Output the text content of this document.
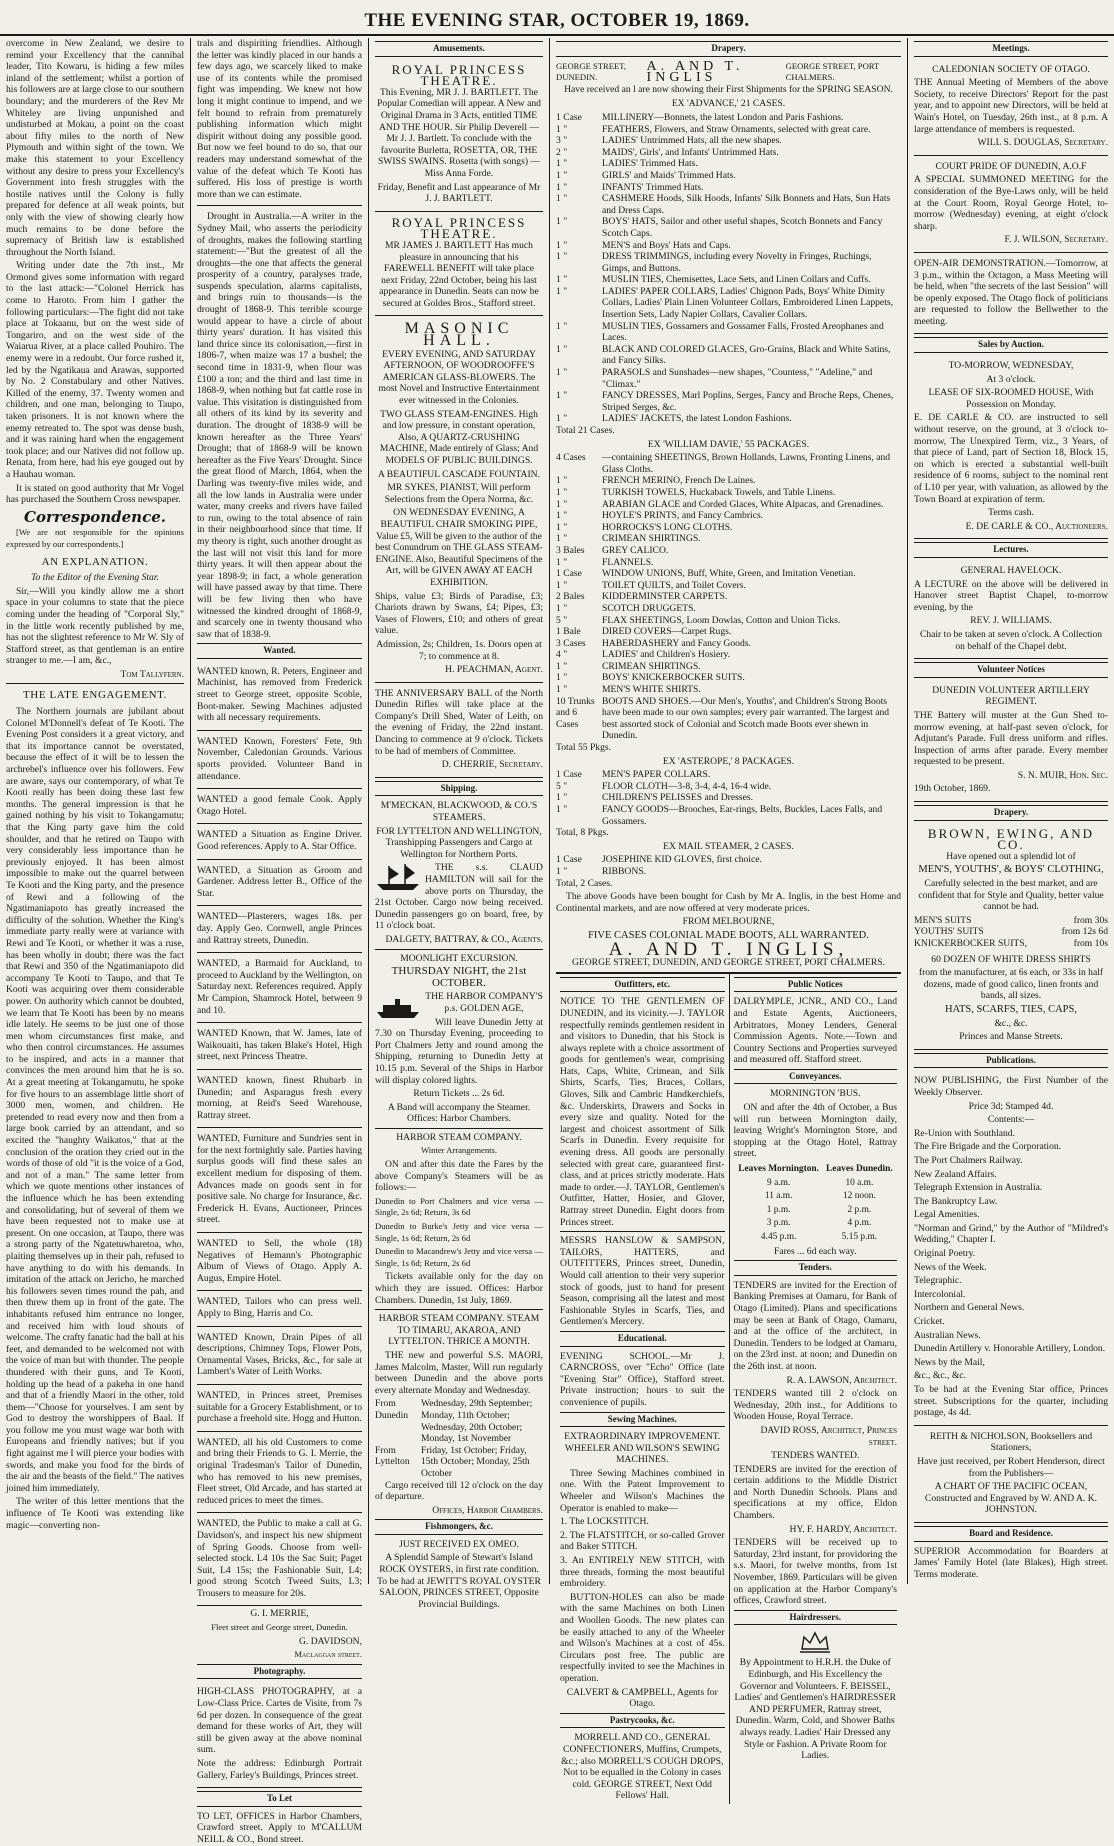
THE EVENING STAR, OCTOBER 19, 1869.

overcome in New Zealand, we desire to remind your Excellency that the cannibal leader, Tito Kowaru, is hiding a few miles inland of the settlement; whilst a portion of his followers are at large close to our southern boundary; and the murderers of the Rev Mr Whiteley are living unpunished and undisturbed at Mokau, a point on the coast about fifty miles to the north of New Plymouth and within sight of the town. We make this statement to your Excellency without any desire to press your Excellency's Government into fresh struggles with the hostile natives until the Colony is fully prepared for defence at all weak points, but only with the view of showing clearly how much remains to be done before the supremacy of British law is established throughout the North Island.

Writing under date the 7th inst., Mr Ormond gives some information with regard to the last attack:—"Colonel Herrick has come to Haroto. From him I gather the following particulars:—The fight did not take place at Tokaanu, but on the west side of Tongariro, and on the west side of the Waiarua River, at a place called Pouhiro. The enemy were in a redoubt. Our force rushed it, led by the Ngatikaua and Arawas, supported by No. 2 Constabulary and other Natives. Killed of the enemy, 37. Twenty women and children, and one man, belonging to Taupo, taken prisoners. It is not known where the enemy retreated to. The spot was dense bush, and it was raining hard when the engagement took place; and our Natives did not follow up. Renata, from here, had his eye gouged out by a Hauhau woman.

It is stated on good authority that Mr Vogel has purchased the Southern Cross newspaper.

Correspondence.

[We are not responsible for the opinions expressed by our correspondents.]

AN EXPLANATION.

To the Editor of the Evening Star.

Sir,—Will you kindly allow me a short space in your columns to state that the piece coming under the heading of "Corporal Sly," in the little work recently published by me, has not the slightest reference to Mr W. Sly of Stafford street, as that gentleman is an entire stranger to me.—I am, &c.,

Tom Tallyfern.

THE LATE ENGAGEMENT.

The Northern journals are jubilant about Colonel M'Donnell's defeat of Te Kooti. The Evening Post considers it a great victory, and that its importance cannot be overstated, because the effect of it will be to lessen the archrebel's influence over his followers. Few are aware, says our contemporary, of what Te Kooti really has been doing these last few months. The general impression is that he gained nothing by his visit to Tokangamutu; that the King party gave him the cold shoulder, and that he retired on Taupo with very considerably less importance than he previously enjoyed. It has been almost impossible to make out the quarrel between Te Kooti and the King party, and the presence of Rewi and a following of the Ngatimaniapoto has greatly increased the difficulty of the solution. Whether the King's immediate party really were at variance with Rewi and Te Kooti, or whether it was a ruse, has been wholly in doubt; there was the fact that Rewi and 350 of the Ngatimaniapoto did accompany Te Kooti to Taupo, and that Te Kooti was acquiring over them considerable power. On authority which cannot be doubted, we learn that Te Kooti has been by no means idle lately. He seems to be just one of those men whom circumstances first make, and who then control circumstances. He assumes to be inspired, and acts in a manner that convinces the men around him that he is so. At a great meeting at Tokangamutu, he spoke for five hours to an assemblage little short of 3000 men, women, and children. He pretended to read every now and then from a large book carried by an attendant, and so excited the "haughty Waikatos," that at the conclusion of the oration they cried out in the words of those of old "it is the voice of a God, and not of a man." The same letter from which we quote mentions other instances of the influence which he has been extending and consolidating, but of several of them we have been requested not to make use at present. On one occasion, at Taupo, there was a strong party of the Ngatetuwharetoa, who, plaiting themselves up in their pah, refused to have anything to do with his demands. In imitation of the attack on Jericho, he marched his followers seven times round the pah, and then threw them up in front of the gate. The inhabitants refused him entrance no longer, and received him with loud shouts of welcome. The crafty fanatic had the ball at his feet, and demanded to be welcomed not with the voice of man but with thunder. The people thundered with their guns, and Te Kooti, holding up the head of a pakeha in one hand and that of a friendly Maori in the other, told them—"Choose for yourselves. I am sent by God to destroy the worshippers of Baal. If you follow me you must wage war both with Europeans and friendly natives; but if you fight against me I will pierce your bodies with swords, and make you food for the birds of the air and the beasts of the field." The natives joined him immediately.

The writer of this letter mentions that the influence of Te Kooti was extending like magic—converting non-

trals and dispiriting friendlies. Although the letter was kindly placed in our hands a few days ago, we scarcely liked to make use of its contents while the promised fight was impending. We knew not how long it might continue to impend, and we felt bound to refrain from prematurely publishing information which might dispirit without doing any possible good. But now we feel bound to do so, that our readers may understand somewhat of the value of the defeat which Te Kooti has suffered. His loss of prestige is worth more than we can estimate.

Drought in Australia.—A writer in the Sydney Mail, who asserts the periodicity of droughts, makes the following startling statement:—"But the greatest of all the droughts—the one that affects the general prosperity of a country, paralyses trade, suspends speculation, alarms capitalists, and brings ruin to thousands—is the drought of 1868-9. This terrible scourge would appear to have a circle of about thirty years' duration. It has visited this land thrice since its colonisation,—first in 1806-7, when maize was 17 a bushel; the second time in 1831-9, when flour was £100 a ton; and the third and last time in 1868-9, when nothing but fat cattle rose in value. This visitation is distinguished from all others of its kind by its severity and duration. The drought of 1838-9 will be known hereafter as the Three Years' Drought; that of 1868-9 will be known hereafter as the Five Years' Drought. Since the great flood of March, 1864, when the Darling was twenty-five miles wide, and all the low lands in Australia were under water, many creeks and rivers have failed to run, owing to the total absence of rain in their neighbourhood since that time. If my theory is right, such another drought as the last will not visit this land for more thirty years. It will then appear about the year 1898-9; in fact, a whole generation will have passed away by that time. There will be few living then who have witnessed the kindred drought of 1868-9, and scarcely one in twenty thousand who saw that of 1838-9.

Wanted.

WANTED known, R. Peters, Engineer and Machinist, has removed from Frederick street to George street, opposite Scoble, Boot-maker. Sewing Machines adjusted with all necessary requirements.

WANTED Known, Foresters' Fete, 9th November, Caledonian Grounds. Various sports provided. Volunteer Band in attendance.

WANTED a good female Cook. Apply Otago Hotel.

WANTED a Situation as Engine Driver. Good references. Apply to A. Star Office.

WANTED, a Situation as Groom and Gardener. Address letter B., Office of the Star.

WANTED—Plasterers, wages 18s. per day. Apply Geo. Cornwell, angle Princes and Rattray streets, Dunedin.

WANTED, a Barmaid for Auckland, to proceed to Auckland by the Wellington, on Saturday next. References required. Apply Mr Campion, Shamrock Hotel, between 9 and 10.

WANTED Known, that W. James, late of Waikouaiti, has taken Blake's Hotel, High street, next Princess Theatre.

WANTED known, finest Rhubarb in Dunedin; and Asparagus fresh every morning, at Reid's Seed Warehouse, Rattray street.

WANTED, Furniture and Sundries sent in for the next fortnightly sale. Parties having surplus goods will find these sales an excellent medium for disposing of them. Advances made on goods sent in for positive sale. No charge for Insurance, &c. Frederick H. Evans, Auctioneer, Princes street.

WANTED to Sell, the whole (18) Negatives of Hemann's Photographic Album of Views of Otago. Apply A. Augus, Empire Hotel.

WANTED, Tailors who can press well. Apply to Bing, Harris and Co.

WANTED Known, Drain Pipes of all descriptions, Chimney Tops, Flower Pots, Ornamental Vases, Bricks, &c., for sale at Lambert's Water of Leith Works.

WANTED, in Princes street, Premises suitable for a Grocery Establishment, or to purchase a freehold site. Hogg and Hutton.

WANTED, all his old Customers to come and bring their Friends to G. I. Merrie, the original Tradesman's Tailor of Dunedin, who has removed to his new premises, Fleet street, Old Arcade, and has started at reduced prices to meet the times.

WANTED, the Public to make a call at G. Davidson's, and inspect his new shipment of Spring Goods. Choose from well-selected stock. L4 10s the Sac Suit; Paget Suit, L4 15s; the Fashionable Suit, L4; good strong Scotch Tweed Suits, L3; Trousers to measure for 20s.

G. I. MERRIE,

Fleet street and George street, Dunedin.

G. DAVIDSON,

Maclaggan street.

Photography.

HIGH-CLASS PHOTOGRAPHY, at a Low-Class Price. Cartes de Visite, from 7s 6d per dozen. In consequence of the great demand for these works of Art, they will still be given away at the above nominal sum.

Note the address: Edinburgh Portrait Gallery, Farley's Buildings, Princes street.

To Let

TO LET, OFFICES in Harbor Chambers, Crawford street. Apply to M'CALLUM NEILL & CO., Bond street.

Amusements.
ROYAL PRINCESS THEATRE.

This Evening, MR J. J. BARTLETT. The Popular Comedian will appear. A New and Original Drama in 3 Acts, entitled TIME AND THE HOUR. Sir Philip Deverell — Mr J. J. Bartlett. To conclude with the favourite Burletta, ROSETTA, OR, THE SWISS SWAINS. Rosetta (with songs) — Miss Anna Forde.

Friday, Benefit and Last appearance of Mr J. J. BARTLETT.

ROYAL PRINCESS THEATRE.

MR JAMES J. BARTLETT Has much pleasure in announcing that his FAREWELL BENEFIT will take place next Friday, 22nd October, being his last appearance in Dunedin. Seats can now be secured at Goldes Bros., Stafford street.

MASONIC HALL.

EVERY EVENING, AND SATURDAY AFTERNOON, OF WOODROOFFE'S AMERICAN GLASS-BLOWERS. The most Novel and Instructive Entertainment ever witnessed in the Colonies.

TWO GLASS STEAM-ENGINES. High and low pressure, in constant operation, Also, A QUARTZ-CRUSHING MACHINE, Made entirely of Glass; And MODELS OF PUBLIC BUILDINGS.

A BEAUTIFUL CASCADE FOUNTAIN.

MR SYKES, PIANIST, Will perform Selections from the Opera Norma, &c.

ON WEDNESDAY EVENING, A BEAUTIFUL CHAIR SMOKING PIPE, Value £5, Will be given to the author of the best Conundrum on THE GLASS STEAM-ENGINE. Also, Beautiful Specimens of the Art, will be GIVEN AWAY AT EACH EXHIBITION.

Ships, value £3; Birds of Paradise, £3; Chariots drawn by Swans, £4; Pipes, £3; Vases of Flowers, £10; and others of great value.

Admission, 2s; Children, 1s. Doors open at 7; to commence at 8.

H. PEACHMAN, Agent.

THE ANNIVERSARY BALL of the North Dunedin Rifles will take place at the Company's Drill Shed, Water of Leith, on the evening of Friday, the 22nd instant. Dancing to commence at 9 o'clock. Tickets to be had of members of Committee.

D. CHERRIE, Secretary.

Shipping.

M'MECKAN, BLACKWOOD, & CO.'S STEAMERS.

FOR LYTTELTON AND WELLINGTON, Transhipping Passengers and Cargo at Wellington for Northern Ports.

THE s.s. CLAUD HAMILTON will sail for the above ports on Thursday, the 21st October. Cargo now being received. Dunedin passengers go on board, free, by 11 o'clock boat.

DALGETY, BATTRAY, & CO., Agents.

MOONLIGHT EXCURSION.

THURSDAY NIGHT, the 21st OCTOBER.

THE HARBOR COMPANY'S p.s. GOLDEN AGE,

Will leave Dunedin Jetty at 7.30 on Thursday Evening, proceeding to Port Chalmers Jetty and round among the Shipping, returning to Dunedin Jetty at 10.15 p.m. Several of the Ships in Harbor will display colored lights.

Return Tickets ... 2s 6d.

A Band will accompany the Steamer. Offices: Harbor Chambers.

HARBOR STEAM COMPANY.

Winter Arrangements.

ON and after this date the Fares by the above Company's Steamers will be as follows:—

Dunedin to Port Chalmers and vice versa — Single, 2s 6d; Return, 3s 6d

Dunedin to Burke's Jetty and vice versa — Single, 1s 6d; Return, 2s 6d

Dunedin to Macandrew's Jetty and vice versa — Single, 1s 6d; Return, 2s 6d

Tickets available only for the day on which they are issued. Offices: Harbor Chambers. Dunedin, 1st July, 1869.

HARBOR STEAM COMPANY. STEAM TO TIMARU, AKAROA, AND LYTTELTON. THRICE A MONTH.

THE new and powerful S.S. MAORI, James Malcolm, Master, Will run regularly between Dunedin and the above ports every alternate Monday and Wednesday.

From Dunedin
Wednesday, 29th September; Monday, 11th October; Wednesday, 20th October; Monday, 1st November
From Lyttelton
Friday, 1st October; Friday, 15th October; Monday, 25th October

Cargo received till 12 o'clock on the day of departure.

Offices, Harbor Chambers.

Fishmongers, &c.

JUST RECEIVED EX OMEO.

A Splendid Sample of Stewart's Island ROCK OYSTERS, in first rate condition. To be had at JEWITT'S ROYAL OYSTER SALOON, PRINCES STREET, Opposite Provincial Buildings.

Drapery.
GEORGE STREET, DUNEDIN.
A. AND T. INGLIS
GEORGE STREET, PORT CHALMERS.

Have received an l are now showing their First Shipments for the SPRING SEASON.

EX 'ADVANCE,' 21 CASES.

1 Case	MILLINERY—Bonnets, the latest London and Paris Fashions.
1 "	FEATHERS, Flowers, and Straw Ornaments, selected with great care.
3 "	LADIES' Untrimmed Hats, all the new shapes.
2 "	MAIDS', Girls', and Infants' Untrimmed Hats.
1 "	LADIES' Trimmed Hats.
1 "	GIRLS' and Maids' Trimmed Hats.
1 "	INFANTS' Trimmed Hats.
1 "	CASHMERE Hoods, Silk Hoods, Infants' Silk Bonnets and Hats, Sun Hats and Dress Caps.
1 "	BOYS' HATS, Sailor and other useful shapes, Scotch Bonnets and Fancy Scotch Caps.
1 "	MEN'S and Boys' Hats and Caps.
1 "	DRESS TRIMMINGS, including every Novelty in Fringes, Ruchings, Gimps, and Buttons.
1 "	MUSLIN TIES, Chemisettes, Lace Sets, and Linen Collars and Cuffs.
1 "	LADIES' PAPER COLLARS, Ladies' Chignon Pads, Boys' White Dimity Collars, Ladies' Plain Linen Volunteer Collars, Embroidered Linen Lappets, Insertion Sets, Lady Napier Collars, Cavalier Collars.
1 "	MUSLIN TIES, Gossamers and Gossamer Falls, Frosted Areophanes and Laces.
1 "	BLACK AND COLORED GLACES, Gro-Grains, Black and White Satins, and Fancy Silks.
1 "	PARASOLS and Sunshades—new shapes, "Countess," "Adeline," and "Climax."
1 "	FANCY DRESSES, Marl Poplins, Serges, Fancy and Broche Reps, Chenes, Striped Serges, &c.
1 "	LADIES' JACKETS, the latest London Fashions.

Total 21 Cases.

EX 'WILLIAM DAVIE,' 55 PACKAGES.

4 Cases	—containing SHEETINGS, Brown Hollands, Lawns, Fronting Linens, and Glass Cloths.
1 "	FRENCH MERINO, French De Laines.
1 "	TURKISH TOWELS, Huckaback Towels, and Table Linens.
1 "	ARABIAN GLACE and Corded Glaces, White Alpacas, and Grenadines.
1 "	HOYLE'S PRINTS, and Fancy Cambrics.
1 "	HORROCKS'S LONG CLOTHS.
1 "	CRIMEAN SHIRTINGS.
3 Bales	GREY CALICO.
1 "	FLANNELS.
1 Case	WINDOW UNIONS, Buff, White, Green, and Imitation Venetian.
1 "	TOILET QUILTS, and Toilet Covers.
2 Bales	KIDDERMINSTER CARPETS.
1 "	SCOTCH DRUGGETS.
5 "	FLAX SHEETINGS, Loom Dowlas, Cotton and Union Ticks.
1 Bale	DIRED COVERS—Carpet Rugs.
3 Cases	HABERDASHERY and Fancy Goods.
4 "	LADIES' and Children's Hosiery.
1 "	CRIMEAN SHIRTINGS.
1 "	BOYS' KNICKERBOCKER SUITS.
1 "	MEN'S WHITE SHIRTS.
10 Trunks and 6 Cases
BOOTS AND SHOES.—Our Men's, Youths', and Children's Strong Boots have been made to our own samples; every pair warranted. The largest and best assorted stock of Colonial and Scotch made Boots ever shewn in Dunedin.

Total 55 Pkgs.

EX 'ASTEROPE,' 8 PACKAGES.

1 Case	MEN'S PAPER COLLARS.
5 "	FLOOR CLOTH—3-8, 3-4, 4-4, 16-4 wide.
1 "	CHILDREN'S PELISSES and Dresses.
1 "	FANCY GOODS—Brooches, Ear-rings, Belts, Buckles, Laces Falls, and Gossamers.

Total, 8 Pkgs.

EX MAIL STEAMER, 2 CASES.

1 Case	JOSEPHINE KID GLOVES, first choice.
1 "	RIBBONS.

Total, 2 Cases.

The above Goods have been bought for Cash by Mr A. Inglis, in the best Home and Continental markets, and are now offered at very moderate prices.

FROM MELBOURNE,

FIVE CASES COLONIAL MADE BOOTS, ALL WARRANTED.

A. AND T. INGLIS,

GEORGE STREET, DUNEDIN, AND GEORGE STREET, PORT CHALMERS.

Outfitters, etc.

NOTICE TO THE GENTLEMEN OF DUNEDIN, and its vicinity.—J. TAYLOR respectfully reminds gentlemen resident in and visitors to Dunedin, that his Stock is always replete with a choice assortment of goods for gentlemen's wear, comprising Hats, Caps, White, Crimean, and Silk Shirts, Scarfs, Ties, Braces, Collars, Gloves, Silk and Cambric Handkerchiefs, &c. Underskirts, Drawers and Socks in every size and quality. Noted for the largest and choicest assortment of Silk Scarfs in Dunedin. Every requisite for evening dress. All goods are personally selected with great care, guaranteed first-class, and at prices strictly moderate. Hats made to order.—J. TAYLOR, Gentlemen's Outfitter, Hatter, Hosier, and Glover, Rattray street Dunedin. Eight doors from Princes street.

MESSRS HANSLOW & SAMPSON, TAILORS, HATTERS, and OUTFITTERS, Princes street, Dunedin, Would call attention to their very superior stock of goods, just to hand for present Season, comprising all the latest and most Fashionable Styles in Scarfs, Ties, and Gentlemen's Mercery.

Educational.

EVENING SCHOOL.—Mr J. CARNCROSS, over "Echo" Office (late "Evening Star" Office), Stafford street. Private instruction; hours to suit the convenience of pupils.

Sewing Machines.

EXTRAORDINARY IMPROVEMENT. WHEELER AND WILSON'S SEWING MACHINES.

Three Sewing Machines combined in one. With the Patent Improvement to Wheeler and Wilson's Machines the Operator is enabled to make—

1. The LOCKSTITCH.

2. The FLATSTITCH, or so-called Grover and Baker STITCH.

3. An ENTIRELY NEW STITCH, with three threads, forming the most beautiful embroidery.

BUTTON-HOLES can also be made with the same Machines on both Linen and Woollen Goods. The new plates can be easily attached to any of the Wheeler and Wilson's Machines at a cost of 45s. Circulars post free. The public are respectfully invited to see the Machines in operation.

CALVERT & CAMPBELL, Agents for Otago.

Pastrycooks, &c.

MORRELL AND CO., GENERAL CONFECTIONERS, Muffins, Crumpets, &c.; also MORRELL'S COUGH DROPS, Not to be equalled in the Colony in cases cold. GEORGE STREET, Next Odd Fellows' Hall.

Public Notices

DALRYMPLE, JCNR., AND CO., Land and Estate Agents, Auctioneers, Arbitrators, Money Lenders, General Commission Agents. Note.—Town and Country Sections and Properties surveyed and measured off. Stafford street.

Conveyances.

MORNINGTON 'BUS.

ON and after the 4th of October, a Bus will run between Mornington daily, leaving Wright's Mornington Store, and stopping at the Otago Hotel, Rattray street.

Leaves Mornington.	Leaves Dunedin.
9 a.m.	10 a.m.
11 a.m.	12 noon.
1 p.m.	2 p.m.
3 p.m.	4 p.m.
4.45 p.m.	5.15 p.m.

Fares ... 6d each way.

Tenders.

TENDERS are invited for the Erection of Banking Premises at Oamaru, for Bank of Otago (Limited). Plans and specifications may be seen at Bank of Otago, Oamaru, and at the office of the architect, in Dunedin. Tenders to be lodged at Oamaru, on the 23rd inst. at noon; and Dunedin on the 26th inst. at noon.

R. A. LAWSON, Architect.

TENDERS wanted till 2 o'clock on Wednesday, 20th inst., for Additions to Wooden House, Royal Terrace.

DAVID ROSS, Architect, Princes street.

TENDERS WANTED.

TENDERS are invited for the erection of certain additions to the Middle District and North Dunedin Schools. Plans and specifications at my office, Eldon Chambers.

HY. F. HARDY, Architect.

TENDERS will be received up to Saturday, 23rd instant, for providoring the s.s. Maori, for twelve months, from 1st November, 1869. Particulars will be given on application at the Harbor Company's offices, Crawford street.

Hairdressers.

By Appointment to H.R.H. the Duke of Edinburgh, and His Excellency the Governor and Volunteers. F. BEISSEL, Ladies' and Gentlemen's HAIRDRESSER AND PERFUMER, Rattray street, Dunedin. Warm, Cold, and Shower Baths always ready. Ladies' Hair Dressed any Style or Fashion. A Private Room for Ladies.

Meetings.

CALEDONIAN SOCIETY OF OTAGO.

THE Annual Meeting of Members of the above Society, to receive Directors' Report for the past year, and to appoint new Directors, will be held at Wain's Hotel, on Tuesday, 26th inst., at 8 p.m. A large attendance of members is requested.

WILL S. DOUGLAS, Secretary.

COURT PRIDE OF DUNEDIN, A.O.F

A SPECIAL SUMMONED MEETING for the consideration of the Bye-Laws only, will be held at the Court Room, Royal George Hotel, to-morrow (Wednesday) evening, at eight o'clock sharp.

F. J. WILSON, Secretary.

OPEN-AIR DEMONSTRATION.—Tomorrow, at 3 p.m., within the Octagon, a Mass Meeting will be held, when "the secrets of the last Session" will be openly exposed. The Otago flock of politicians are requested to follow the Bellwether to the meeting.

Sales by Auction.

TO-MORROW, WEDNESDAY,

At 3 o'clock.

LEASE OF SIX-ROOMED HOUSE, With Possession on Monday.

E. DE CARLE & CO. are instructed to sell without reserve, on the ground, at 3 o'clock to-morrow, The Unexpired Term, viz., 3 Years, of that piece of Land, part of Section 18, Block 15, on which is erected a substantial well-built residence of 6 rooms, subject to the nominal rent of L10 per year, with valuation, as allowed by the Town Board at expiration of term.

Terms cash.

E. DE CARLE & CO., Auctioneers.

Lectures.

GENERAL HAVELOCK.

A LECTURE on the above will be delivered in Hanover street Baptist Chapel, to-morrow evening, by the

REV. J. WILLIAMS.

Chair to be taken at seven o'clock. A Collection on behalf of the Chapel debt.

Volunteer Notices

DUNEDIN VOLUNTEER ARTILLERY REGIMENT.

THE Battery will muster at the Gun Shed to-morrow evening, at half-past seven o'clock, for Adjutant's Parade. Full dress uniform and rifles. Inspection of arms after parade. Every member requested to be present.

S. N. MUIR, Hon. Sec.

19th October, 1869.

Drapery.
BROWN, EWING, AND CO.

Have opened out a splendid lot of

MEN'S, YOUTHS', & BOYS' CLOTHING,

Carefully selected in the best market, and are confident that for Style and Quality, better value cannot be had.

MEN'S SUITS	from 30s
YOUTHS' SUITS	from 12s 6d
KNICKERBOCKER SUITS,	from 10s

60 DOZEN OF WHITE DRESS SHIRTS

from the manufacturer, at 6s each, or 33s in half dozens, made of good calico, linen fronts and bands, all sizes.

HATS, SCARFS, TIES, CAPS,

&c., &c.

Princes and Manse Streets.

Publications.

NOW PUBLISHING, the First Number of the Weekly Observer.

Price 3d; Stamped 4d.

Contents:—

Re-Union with Southland.

The Fire Brigade and the Corporation.

The Port Chalmers Railway.

New Zealand Affairs.

Telegraph Extension in Australia.

The Bankruptcy Law.

Legal Amenities.

"Norman and Grind," by the Author of "Mildred's Wedding," Chapter I.

Original Poetry.

News of the Week.

Telegraphic.

Intercolonial.

Northern and General News.

Cricket.

Australian News.

Dunedin Artillery v. Honorable Artillery, London.

News by the Mail,

&c., &c., &c.

To be had at the Evening Star office, Princes street. Subscriptions for the quarter, including postage, 4s 4d.

REITH & NICHOLSON, Booksellers and Stationers,

Have just received, per Robert Henderson, direct from the Publishers—

A CHART OF THE PACIFIC OCEAN, Constructed and Engraved by W. AND A. K. JOHNSTON.

Board and Residence.

SUPERIOR Accommodation for Boarders at James' Family Hotel (late Blakes), High street. Terms moderate.
